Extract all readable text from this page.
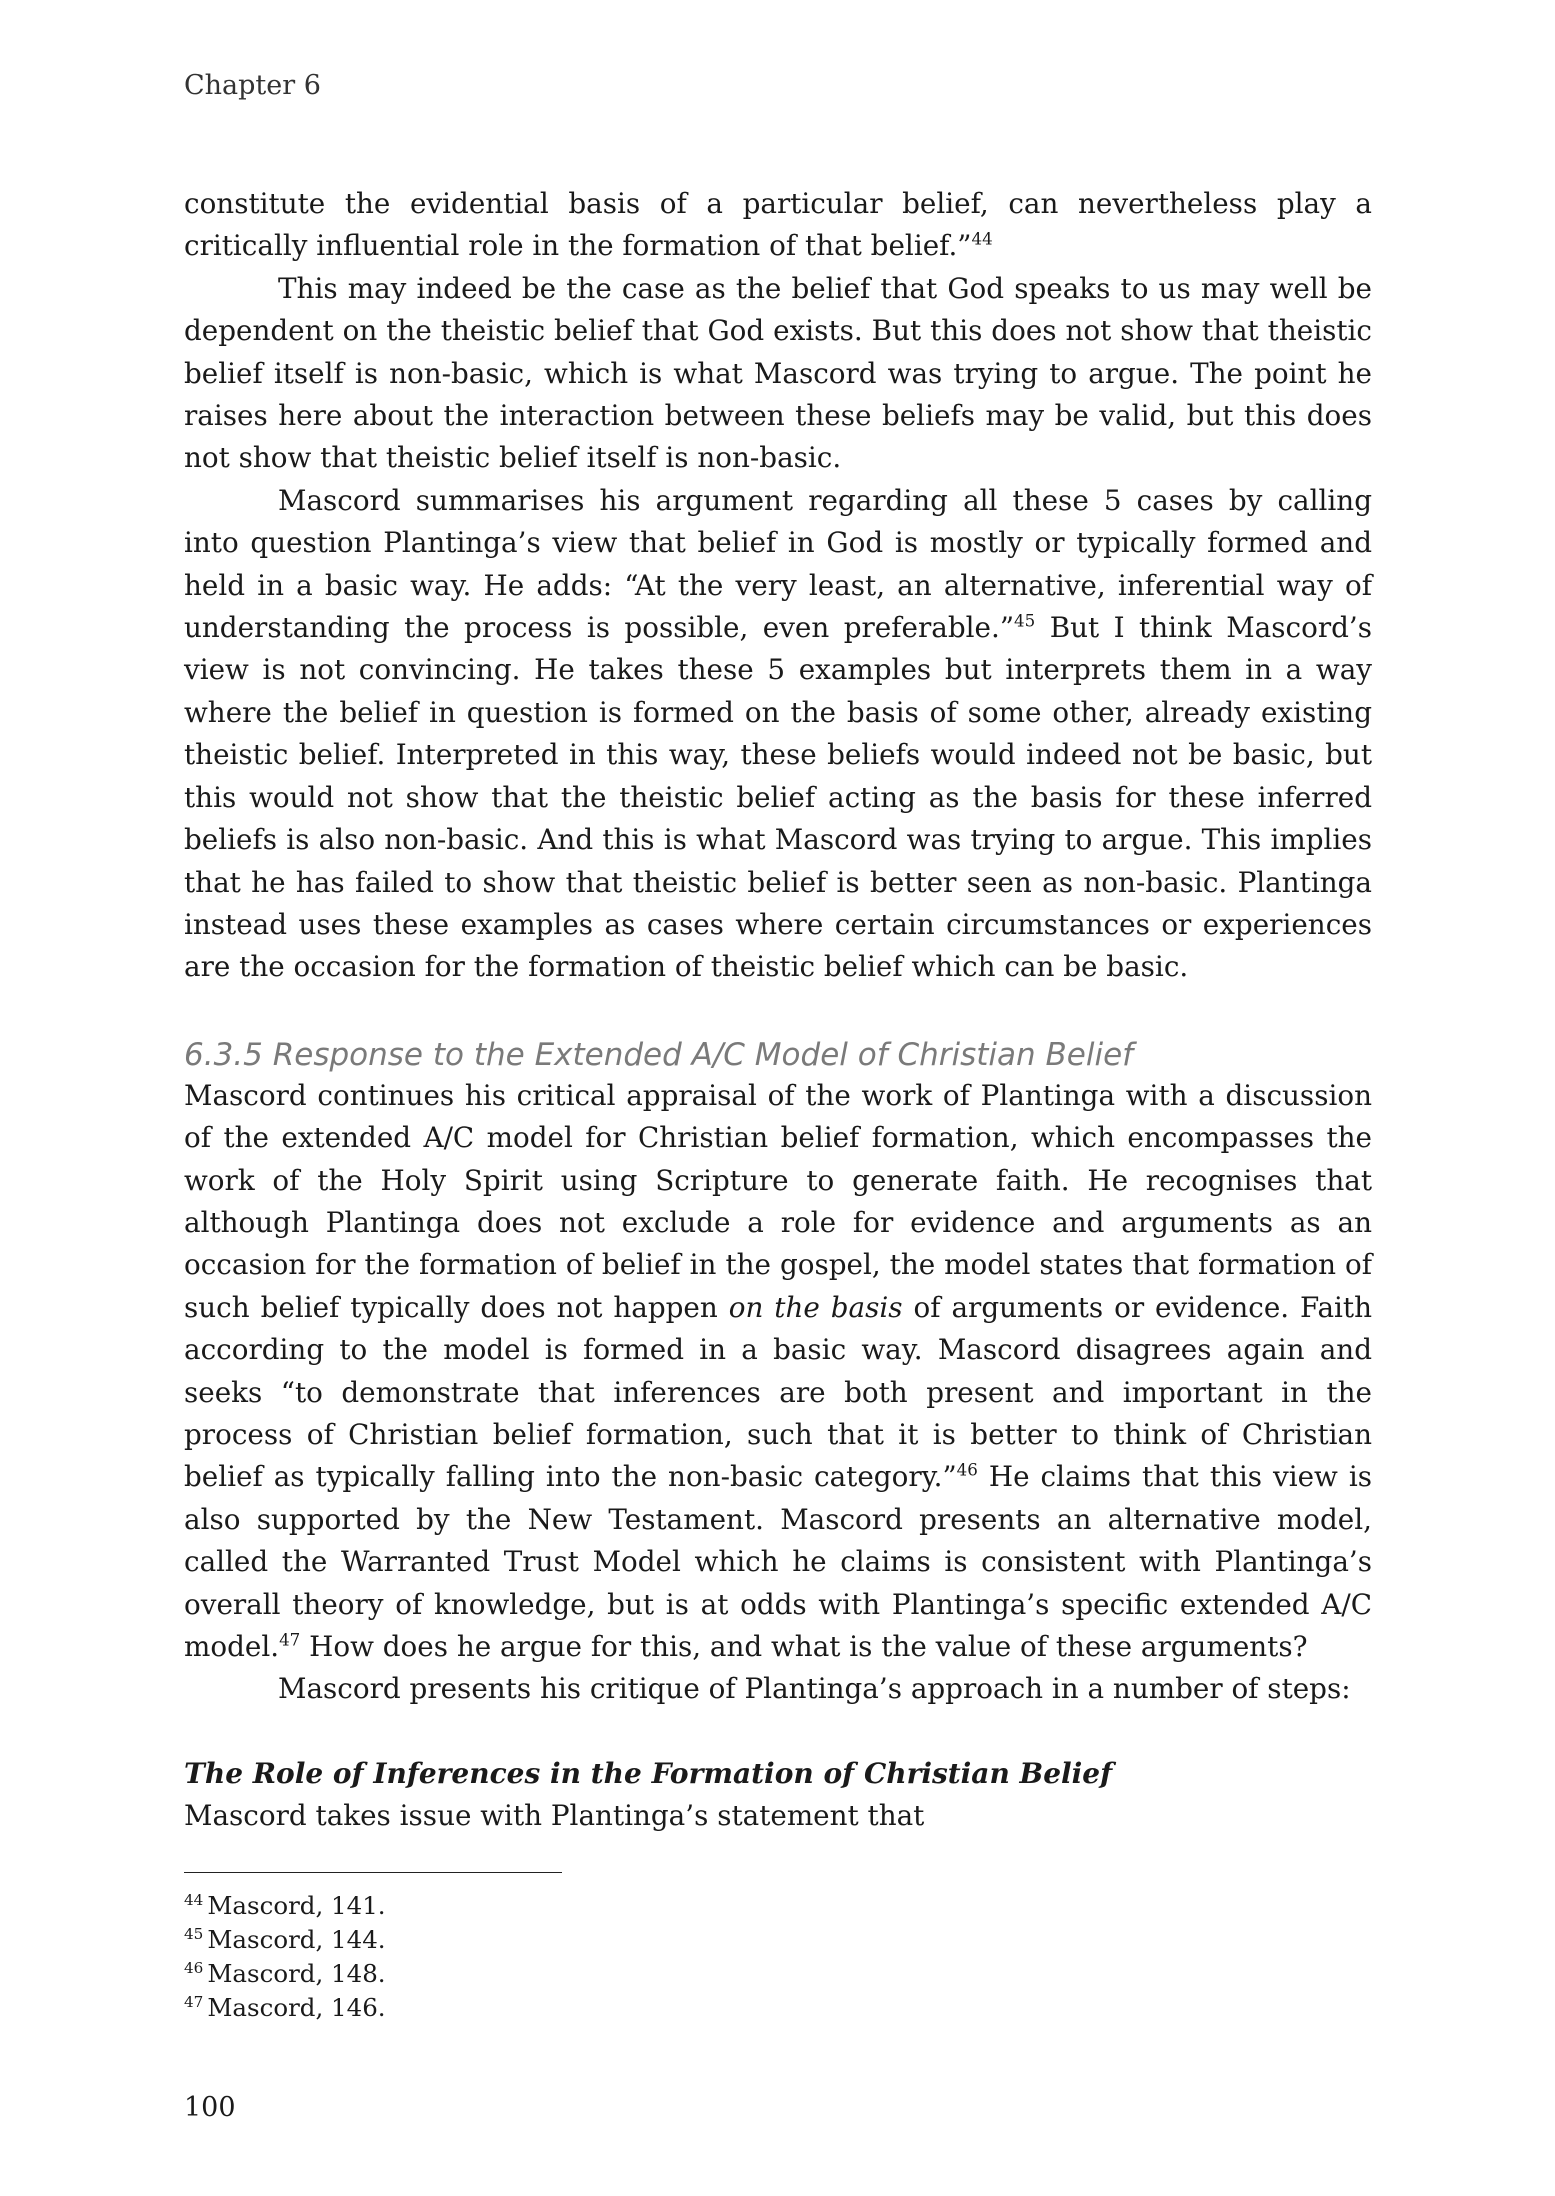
Chapter 6

constitute the evidential basis of a particular belief, can nevertheless play a critically influential role in the formation of that belief.”$^{44}$

This may indeed be the case as the belief that God speaks to us may well be dependent on the theistic belief that God exists. But this does not show that theistic belief itself is non-basic, which is what Mascord was trying to argue. The point he raises here about the interaction between these beliefs may be valid, but this does not show that theistic belief itself is non-basic.

Mascord summarises his argument regarding all these 5 cases by calling into question Plantinga’s view that belief in God is mostly or typically formed and held in a basic way. He adds: “At the very least, an alternative, inferential way of understanding the process is possible, even preferable.”$^{45}$ But I think Mascord’s view is not convincing. He takes these 5 examples but interprets them in a way where the belief in question is formed on the basis of some other, already existing theistic belief. Interpreted in this way, these beliefs would indeed not be basic, but this would not show that the theistic belief acting as the basis for these inferred beliefs is also non-basic. And this is what Mascord was trying to argue. This implies that he has failed to show that theistic belief is better seen as non-basic. Plantinga instead uses these examples as cases where certain circumstances or experiences are the occasion for the formation of theistic belief which can be basic.

6.3.5 Response to the Extended A/C Model of Christian Belief

Mascord continues his critical appraisal of the work of Plantinga with a discussion of the extended A/C model for Christian belief formation, which encompasses the work of the Holy Spirit using Scripture to generate faith. He recognises that although Plantinga does not exclude a role for evidence and arguments as an occasion for the formation of belief in the gospel, the model states that formation of such belief typically does not happen on the basis of arguments or evidence. Faith according to the model is formed in a basic way. Mascord disagrees again and seeks “to demonstrate that inferences are both present and important in the process of Christian belief formation, such that it is better to think of Christian belief as typically falling into the non-basic category.”$^{46}$ He claims that this view is also supported by the New Testament. Mascord presents an alternative model, called the Warranted Trust Model which he claims is consistent with Plantinga’s overall theory of knowledge, but is at odds with Plantinga’s specific extended A/C model.$^{47}$ How does he argue for this, and what is the value of these arguments?

Mascord presents his critique of Plantinga’s approach in a number of steps:

The Role of Inferences in the Formation of Christian Belief

Mascord takes issue with Plantinga’s statement that

$^{44}$ Mascord, 141.
$^{45}$ Mascord, 144.
$^{46}$ Mascord, 148.
$^{47}$ Mascord, 146.
100
